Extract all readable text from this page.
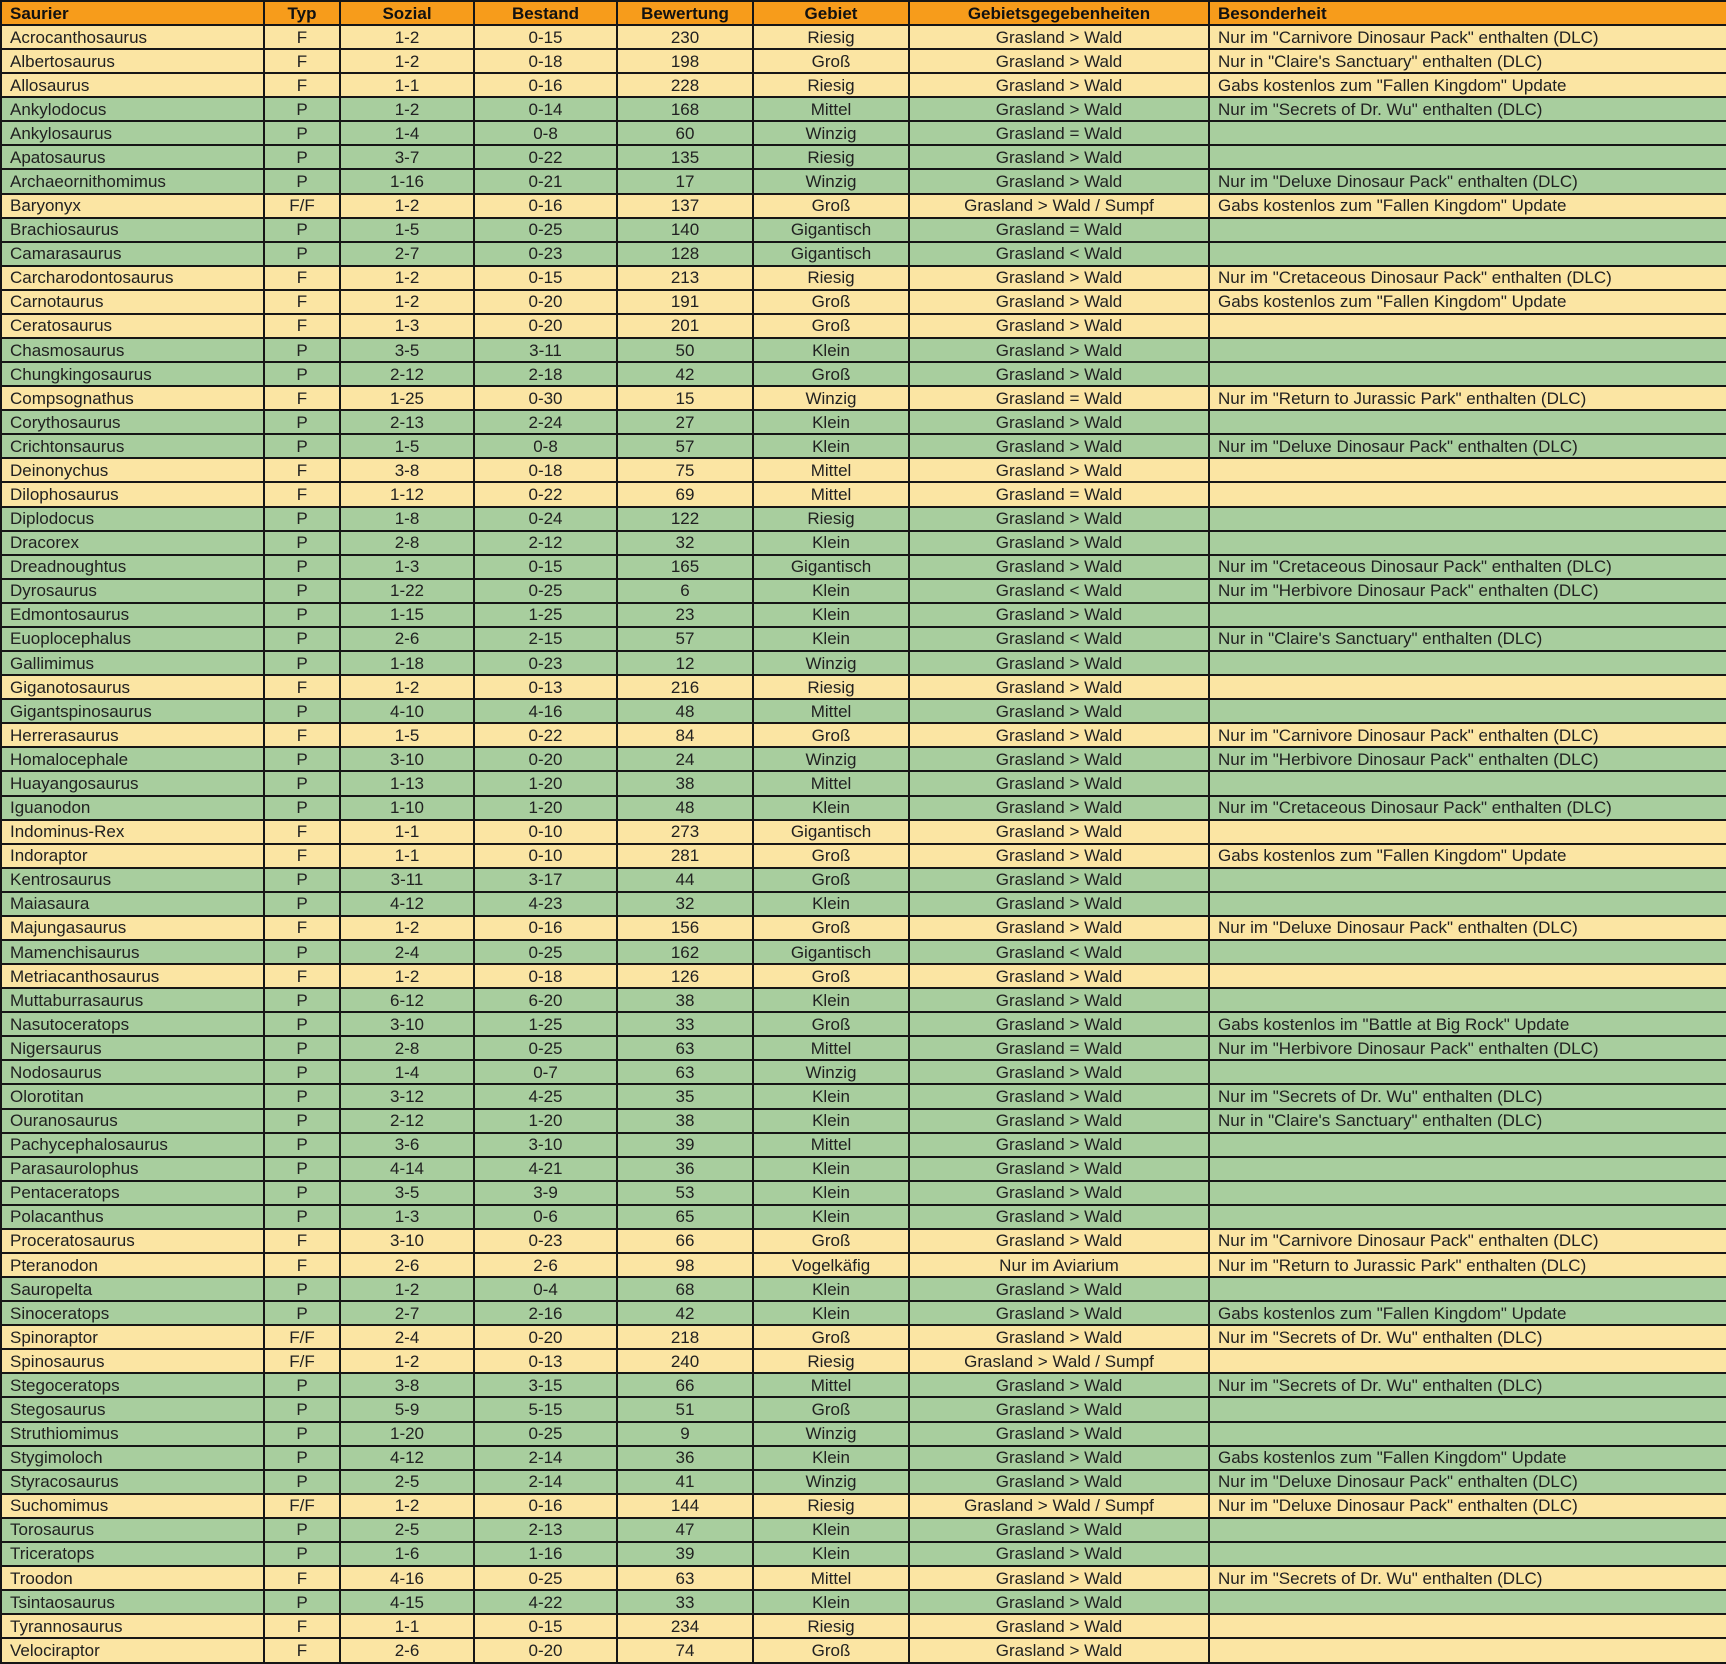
Saurier	Typ	Sozial	Bestand	Bewertung	Gebiet	Gebietsgegebenheiten	Besonderheit
Acrocanthosaurus	F	1-2	0-15	230	Riesig	Grasland > Wald	Nur im "Carnivore Dinosaur Pack" enthalten (DLC)
Albertosaurus	F	1-2	0-18	198	Groß	Grasland > Wald	Nur in "Claire's Sanctuary" enthalten (DLC)
Allosaurus	F	1-1	0-16	228	Riesig	Grasland > Wald	Gabs kostenlos zum "Fallen Kingdom" Update
Ankylodocus	P	1-2	0-14	168	Mittel	Grasland > Wald	Nur im "Secrets of Dr. Wu" enthalten (DLC)
Ankylosaurus	P	1-4	0-8	60	Winzig	Grasland = Wald	
Apatosaurus	P	3-7	0-22	135	Riesig	Grasland > Wald	
Archaeornithomimus	P	1-16	0-21	17	Winzig	Grasland > Wald	Nur im "Deluxe Dinosaur Pack" enthalten (DLC)
Baryonyx	F/F	1-2	0-16	137	Groß	Grasland > Wald / Sumpf	Gabs kostenlos zum "Fallen Kingdom" Update
Brachiosaurus	P	1-5	0-25	140	Gigantisch	Grasland = Wald	
Camarasaurus	P	2-7	0-23	128	Gigantisch	Grasland < Wald	
Carcharodontosaurus	F	1-2	0-15	213	Riesig	Grasland > Wald	Nur im "Cretaceous Dinosaur Pack" enthalten (DLC)
Carnotaurus	F	1-2	0-20	191	Groß	Grasland > Wald	Gabs kostenlos zum "Fallen Kingdom" Update
Ceratosaurus	F	1-3	0-20	201	Groß	Grasland > Wald	
Chasmosaurus	P	3-5	3-11	50	Klein	Grasland > Wald	
Chungkingosaurus	P	2-12	2-18	42	Groß	Grasland > Wald	
Compsognathus	F	1-25	0-30	15	Winzig	Grasland = Wald	Nur im "Return to Jurassic Park" enthalten (DLC)
Corythosaurus	P	2-13	2-24	27	Klein	Grasland > Wald	
Crichtonsaurus	P	1-5	0-8	57	Klein	Grasland > Wald	Nur im "Deluxe Dinosaur Pack" enthalten (DLC)
Deinonychus	F	3-8	0-18	75	Mittel	Grasland > Wald	
Dilophosaurus	F	1-12	0-22	69	Mittel	Grasland = Wald	
Diplodocus	P	1-8	0-24	122	Riesig	Grasland > Wald	
Dracorex	P	2-8	2-12	32	Klein	Grasland > Wald	
Dreadnoughtus	P	1-3	0-15	165	Gigantisch	Grasland > Wald	Nur im "Cretaceous Dinosaur Pack" enthalten (DLC)
Dyrosaurus	P	1-22	0-25	6	Klein	Grasland < Wald	Nur im "Herbivore Dinosaur Pack" enthalten (DLC)
Edmontosaurus	P	1-15	1-25	23	Klein	Grasland > Wald	
Euoplocephalus	P	2-6	2-15	57	Klein	Grasland < Wald	Nur in "Claire's Sanctuary" enthalten (DLC)
Gallimimus	P	1-18	0-23	12	Winzig	Grasland > Wald	
Giganotosaurus	F	1-2	0-13	216	Riesig	Grasland > Wald	
Gigantspinosaurus	P	4-10	4-16	48	Mittel	Grasland > Wald	
Herrerasaurus	F	1-5	0-22	84	Groß	Grasland > Wald	Nur im "Carnivore Dinosaur Pack" enthalten (DLC)
Homalocephale	P	3-10	0-20	24	Winzig	Grasland > Wald	Nur im "Herbivore Dinosaur Pack" enthalten (DLC)
Huayangosaurus	P	1-13	1-20	38	Mittel	Grasland > Wald	
Iguanodon	P	1-10	1-20	48	Klein	Grasland > Wald	Nur im "Cretaceous Dinosaur Pack" enthalten (DLC)
Indominus-Rex	F	1-1	0-10	273	Gigantisch	Grasland > Wald	
Indoraptor	F	1-1	0-10	281	Groß	Grasland > Wald	Gabs kostenlos zum "Fallen Kingdom" Update
Kentrosaurus	P	3-11	3-17	44	Groß	Grasland > Wald	
Maiasaura	P	4-12	4-23	32	Klein	Grasland > Wald	
Majungasaurus	F	1-2	0-16	156	Groß	Grasland > Wald	Nur im "Deluxe Dinosaur Pack" enthalten (DLC)
Mamenchisaurus	P	2-4	0-25	162	Gigantisch	Grasland < Wald	
Metriacanthosaurus	F	1-2	0-18	126	Groß	Grasland > Wald	
Muttaburrasaurus	P	6-12	6-20	38	Klein	Grasland > Wald	
Nasutoceratops	P	3-10	1-25	33	Groß	Grasland > Wald	Gabs kostenlos im "Battle at Big Rock" Update
Nigersaurus	P	2-8	0-25	63	Mittel	Grasland = Wald	Nur im "Herbivore Dinosaur Pack" enthalten (DLC)
Nodosaurus	P	1-4	0-7	63	Winzig	Grasland > Wald	
Olorotitan	P	3-12	4-25	35	Klein	Grasland > Wald	Nur im "Secrets of Dr. Wu" enthalten (DLC)
Ouranosaurus	P	2-12	1-20	38	Klein	Grasland > Wald	Nur in "Claire's Sanctuary" enthalten (DLC)
Pachycephalosaurus	P	3-6	3-10	39	Mittel	Grasland > Wald	
Parasaurolophus	P	4-14	4-21	36	Klein	Grasland > Wald	
Pentaceratops	P	3-5	3-9	53	Klein	Grasland > Wald	
Polacanthus	P	1-3	0-6	65	Klein	Grasland > Wald	
Proceratosaurus	F	3-10	0-23	66	Groß	Grasland > Wald	Nur im "Carnivore Dinosaur Pack" enthalten (DLC)
Pteranodon	F	2-6	2-6	98	Vogelkäfig	Nur im Aviarium	Nur im "Return to Jurassic Park" enthalten (DLC)
Sauropelta	P	1-2	0-4	68	Klein	Grasland > Wald	
Sinoceratops	P	2-7	2-16	42	Klein	Grasland > Wald	Gabs kostenlos zum "Fallen Kingdom" Update
Spinoraptor	F/F	2-4	0-20	218	Groß	Grasland > Wald	Nur im "Secrets of Dr. Wu" enthalten (DLC)
Spinosaurus	F/F	1-2	0-13	240	Riesig	Grasland > Wald / Sumpf	
Stegoceratops	P	3-8	3-15	66	Mittel	Grasland > Wald	Nur im "Secrets of Dr. Wu" enthalten (DLC)
Stegosaurus	P	5-9	5-15	51	Groß	Grasland > Wald	
Struthiomimus	P	1-20	0-25	9	Winzig	Grasland > Wald	
Stygimoloch	P	4-12	2-14	36	Klein	Grasland > Wald	Gabs kostenlos zum "Fallen Kingdom" Update
Styracosaurus	P	2-5	2-14	41	Winzig	Grasland > Wald	Nur im "Deluxe Dinosaur Pack" enthalten (DLC)
Suchomimus	F/F	1-2	0-16	144	Riesig	Grasland > Wald / Sumpf	Nur im "Deluxe Dinosaur Pack" enthalten (DLC)
Torosaurus	P	2-5	2-13	47	Klein	Grasland > Wald	
Triceratops	P	1-6	1-16	39	Klein	Grasland > Wald	
Troodon	F	4-16	0-25	63	Mittel	Grasland > Wald	Nur im "Secrets of Dr. Wu" enthalten (DLC)
Tsintaosaurus	P	4-15	4-22	33	Klein	Grasland > Wald	
Tyrannosaurus	F	1-1	0-15	234	Riesig	Grasland > Wald	
Velociraptor	F	2-6	0-20	74	Groß	Grasland > Wald	
